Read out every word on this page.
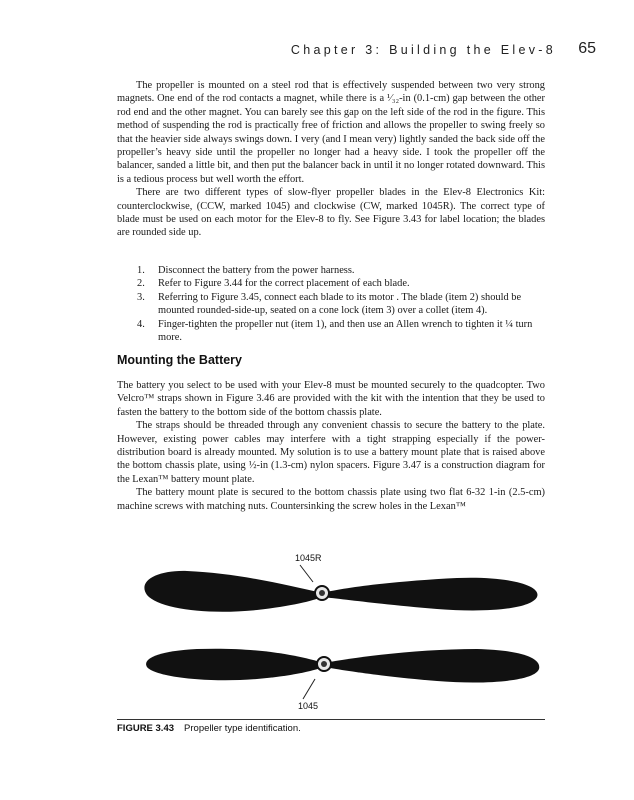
Chapter 3: Building the Elev-8 65

The propeller is mounted on a steel rod that is effectively suspended between two very strong magnets. One end of the rod contacts a magnet, while there is a ¹⁄₃₂-in (0.1-cm) gap between the other rod end and the other magnet. You can barely see this gap on the left side of the rod in the figure. This method of suspending the rod is practically free of friction and allows the propeller to swing freely so that the heavier side always swings down. I very (and I mean very) lightly sanded the back side off the propeller’s heavy side until the propeller no longer had a heavy side. I took the propeller off the balancer, sanded a little bit, and then put the balancer back in until it no longer rotated downward. This is a tedious process but well worth the effort.

There are two different types of slow-flyer propeller blades in the Elev-8 Electronics Kit: counterclockwise, (CCW, marked 1045) and clockwise (CW, marked 1045R). The correct type of blade must be used on each motor for the Elev-8 to fly. See Figure 3.43 for label location; the blades are rounded side up.

1. Disconnect the battery from the power harness.
2. Refer to Figure 3.44 for the correct placement of each blade.
3. Referring to Figure 3.45, connect each blade to its motor . The blade (item 2) should be mounted rounded-side-up, seated on a cone lock (item 3) over a collet (item 4).
4. Finger-tighten the propeller nut (item 1), and then use an Allen wrench to tighten it ¼ turn more.
Mounting the Battery

The battery you select to be used with your Elev-8 must be mounted securely to the quadcopter. Two Velcro™ straps shown in Figure 3.46 are provided with the kit with the intention that they be used to fasten the battery to the bottom side of the bottom chassis plate.

The straps should be threaded through any convenient chassis to secure the battery to the plate. However, existing power cables may interfere with a tight strapping especially if the power-distribution board is already mounted. My solution is to use a battery mount plate that is raised above the bottom chassis plate, using ½-in (1.3-cm) nylon spacers. Figure 3.47 is a construction diagram for the Lexan™ battery mount plate.

The battery mount plate is secured to the bottom chassis plate using two flat 6-32 1-in (2.5-cm) machine screws with matching nuts. Countersinking the screw holes in the Lexan™

1045R
1045
FIGURE 3.43 Propeller type identification.
